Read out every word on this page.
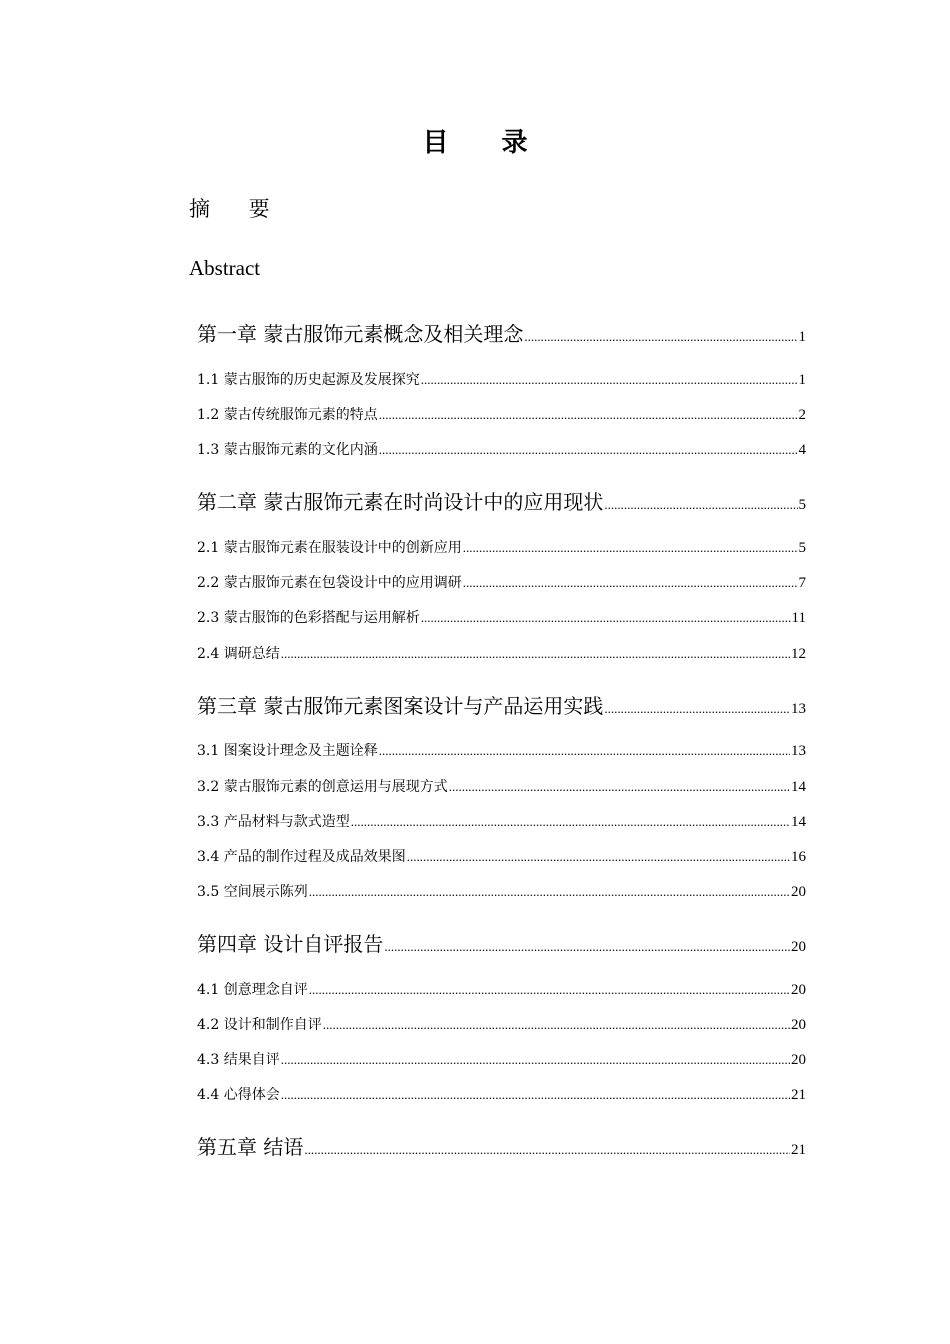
目 录
摘 要
Abstract
第一章 蒙古服饰元素概念及相关理念 .....	1
1.1 蒙古服饰的历史起源及发展探究 .....	1
1.2 蒙古传统服饰元素的特点 .....	2
1.3 蒙古服饰元素的文化内涵 .....	4
第二章 蒙古服饰元素在时尚设计中的应用现状 .....	5
2.1 蒙古服饰元素在服装设计中的创新应用 .....	5
2.2 蒙古服饰元素在包袋设计中的应用调研 .....	7
2.3 蒙古服饰的色彩搭配与运用解析 .....	11
2.4 调研总结 .....	12
第三章 蒙古服饰元素图案设计与产品运用实践 .....	13
3.1 图案设计理念及主题诠释 .....	13
3.2 蒙古服饰元素的创意运用与展现方式 .....	14
3.3 产品材料与款式造型 .....	14
3.4 产品的制作过程及成品效果图 .....	16
3.5 空间展示陈列 .....	20
第四章 设计自评报告 .....	20
4.1 创意理念自评 .....	20
4.2 设计和制作自评 .....	20
4.3 结果自评 .....	20
4.4 心得体会 .....	21
第五章 结语 .....	21
